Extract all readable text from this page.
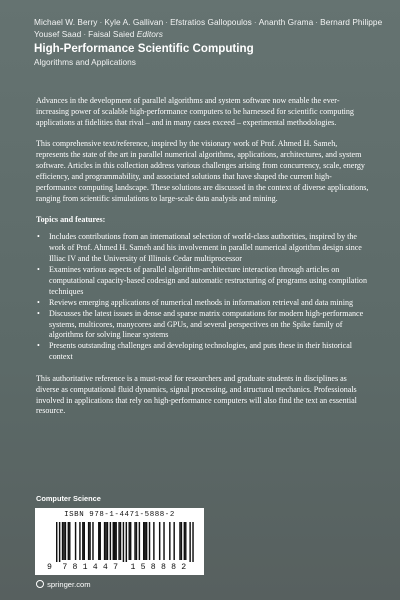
Michael W. Berry · Kyle A. Gallivan · Efstratios Gallopoulos · Ananth Grama · Bernard Philippe
Yousef Saad · Faisal Saied Editors
High-Performance Scientific Computing
Algorithms and Applications

Advances in the development of parallel algorithms and system software now enable the ever-increasing power of scalable high-performance computers to be harnessed for scientific computing applications at fidelities that rival – and in many cases exceed – experimental methodologies.

This comprehensive text/reference, inspired by the visionary work of Prof. Ahmed H. Sameh, represents the state of the art in parallel numerical algorithms, applications, architectures, and system software. Articles in this collection address various challenges arising from concurrency, scale, energy efficiency, and programmability, and associated solutions that have shaped the current high-performance computing landscape. These solutions are discussed in the context of diverse applications, ranging from scientific simulations to large-scale data analysis and mining.

Topics and features:

• Includes contributions from an international selection of world-class authorities, inspired by the work of Prof. Ahmed H. Sameh and his involvement in parallel numerical algorithm design since Illiac IV and the University of Illinois Cedar multiprocessor
• Examines various aspects of parallel algorithm-architecture interaction through articles on computational capacity-based codesign and automatic restructuring of programs using compilation techniques
• Reviews emerging applications of numerical methods in information retrieval and data mining
• Discusses the latest issues in dense and sparse matrix computations for modern high-performance systems, multicores, manycores and GPUs, and several perspectives on the Spike family of algorithms for solving linear systems
• Presents outstanding challenges and developing technologies, and puts these in their historical context

This authoritative reference is a must-read for researchers and graduate students in disciplines as diverse as computational fluid dynamics, signal processing, and structural mechanics. Professionals involved in applications that rely on high-performance computers will also find the text an essential resource.

Computer Science
ISBN 978-1-4471-5888-2
9 7 8 1 4 4 7 1 5 8 8 8 2
springer.com
